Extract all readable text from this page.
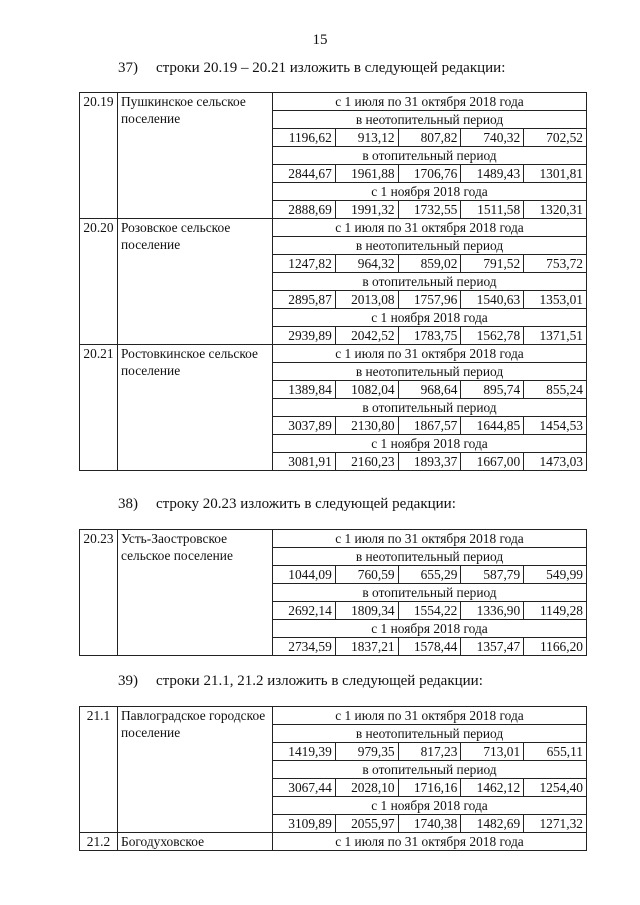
15
37) строки 20.19 – 20.21 изложить в следующей редакции:
20.19	Пушкинское сельское поселение	с 1 июля по 31 октября 2018 года				
		в неотопительный период				
		1196,62	913,12	807,82	740,32	702,52
		в отопительный период				
		2844,67	1961,88	1706,76	1489,43	1301,81
		с 1 ноября 2018 года				
		2888,69	1991,32	1732,55	1511,58	1320,31
20.20	Розовское сельское поселение	с 1 июля по 31 октября 2018 года				
		в неотопительный период				
		1247,82	964,32	859,02	791,52	753,72
		в отопительный период				
		2895,87	2013,08	1757,96	1540,63	1353,01
		с 1 ноября 2018 года				
		2939,89	2042,52	1783,75	1562,78	1371,51
20.21	Ростовкинское сельское поселение	с 1 июля по 31 октября 2018 года				
		в неотопительный период				
		1389,84	1082,04	968,64	895,74	855,24
		в отопительный период				
		3037,89	2130,80	1867,57	1644,85	1454,53
		с 1 ноября 2018 года				
		3081,91	2160,23	1893,37	1667,00	1473,03
38) строку 20.23 изложить в следующей редакции:
20.23	Усть-Заостровское сельское поселение	с 1 июля по 31 октября 2018 года				
		в неотопительный период				
		1044,09	760,59	655,29	587,79	549,99
		в отопительный период				
		2692,14	1809,34	1554,22	1336,90	1149,28
		с 1 ноября 2018 года				
		2734,59	1837,21	1578,44	1357,47	1166,20
39) строки 21.1, 21.2 изложить в следующей редакции:
21.1	Павлоградское городское поселение	с 1 июля по 31 октября 2018 года				
		в неотопительный период				
		1419,39	979,35	817,23	713,01	655,11
		в отопительный период				
		3067,44	2028,10	1716,16	1462,12	1254,40
		с 1 ноября 2018 года				
		3109,89	2055,97	1740,38	1482,69	1271,32
21.2	Богодуховское	с 1 июля по 31 октября 2018 года				
